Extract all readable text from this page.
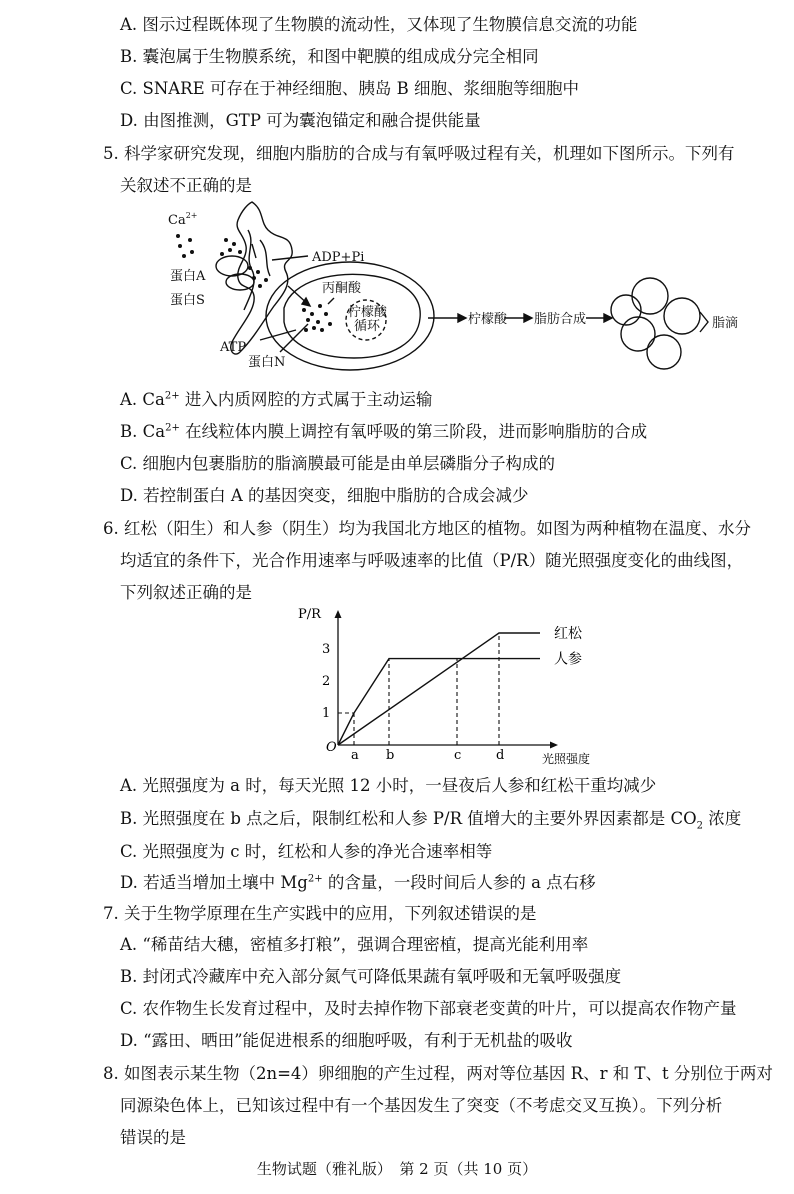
A. 图示过程既体现了生物膜的流动性，又体现了生物膜信息交流的功能
B. 囊泡属于生物膜系统，和图中靶膜的组成成分完全相同
C. SNARE 可存在于神经细胞、胰岛 B 细胞、浆细胞等细胞中
D. 由图推测，GTP 可为囊泡锚定和融合提供能量
5. 科学家研究发现，细胞内脂肪的合成与有氧呼吸过程有关，机理如下图所示。下列有
关叙述不正确的是
$Ca^{2+}$
ADP+Pi
蛋白A
蛋白S
ATP
蛋白N
丙酮酸
柠檬酸
循环	柠檬酸 脂肪合成	脂滴
A. $Ca^{2+}$ 进入内质网腔的方式属于主动运输
B. $Ca^{2+}$ 在线粒体内膜上调控有氧呼吸的第三阶段，进而影响脂肪的合成
C. 细胞内包裹脂肪的脂滴膜最可能是由单层磷脂分子构成的
D. 若控制蛋白 A 的基因突变，细胞中脂肪的合成会减少
6. 红松（阳生）和人参（阴生）均为我国北方地区的植物。如图为两种植物在温度、水分
均适宜的条件下，光合作用速率与呼吸速率的比值（P/R）随光照强度变化的曲线图，
下列叙述正确的是
P/R
O
光照强度
1
2
3
a b	c	d
红松
人参
A. 光照强度为 a 时，每天光照 12 小时，一昼夜后人参和红松干重均减少
B. 光照强度在 b 点之后，限制红松和人参 P/R 值增大的主要外界因素都是 $CO_2$ 浓度
C. 光照强度为 c 时，红松和人参的净光合速率相等
D. 若适当增加土壤中 $Mg^{2+}$ 的含量，一段时间后人参的 a 点右移
7. 关于生物学原理在生产实践中的应用，下列叙述错误的是
A. “稀苗结大穗，密植多打粮”，强调合理密植，提高光能利用率
B. 封闭式冷藏库中充入部分氮气可降低果蔬有氧呼吸和无氧呼吸强度
C. 农作物生长发育过程中，及时去掉作物下部衰老变黄的叶片，可以提高农作物产量
D. “露田、晒田”能促进根系的细胞呼吸，有利于无机盐的吸收
8. 如图表示某生物（2n=4）卵细胞的产生过程，两对等位基因 R、r 和 T、t 分别位于两对
同源染色体上，已知该过程中有一个基因发生了突变（不考虑交叉互换）。下列分析
错误的是
生物试题（雅礼版）　第 2 页（共 10 页）
